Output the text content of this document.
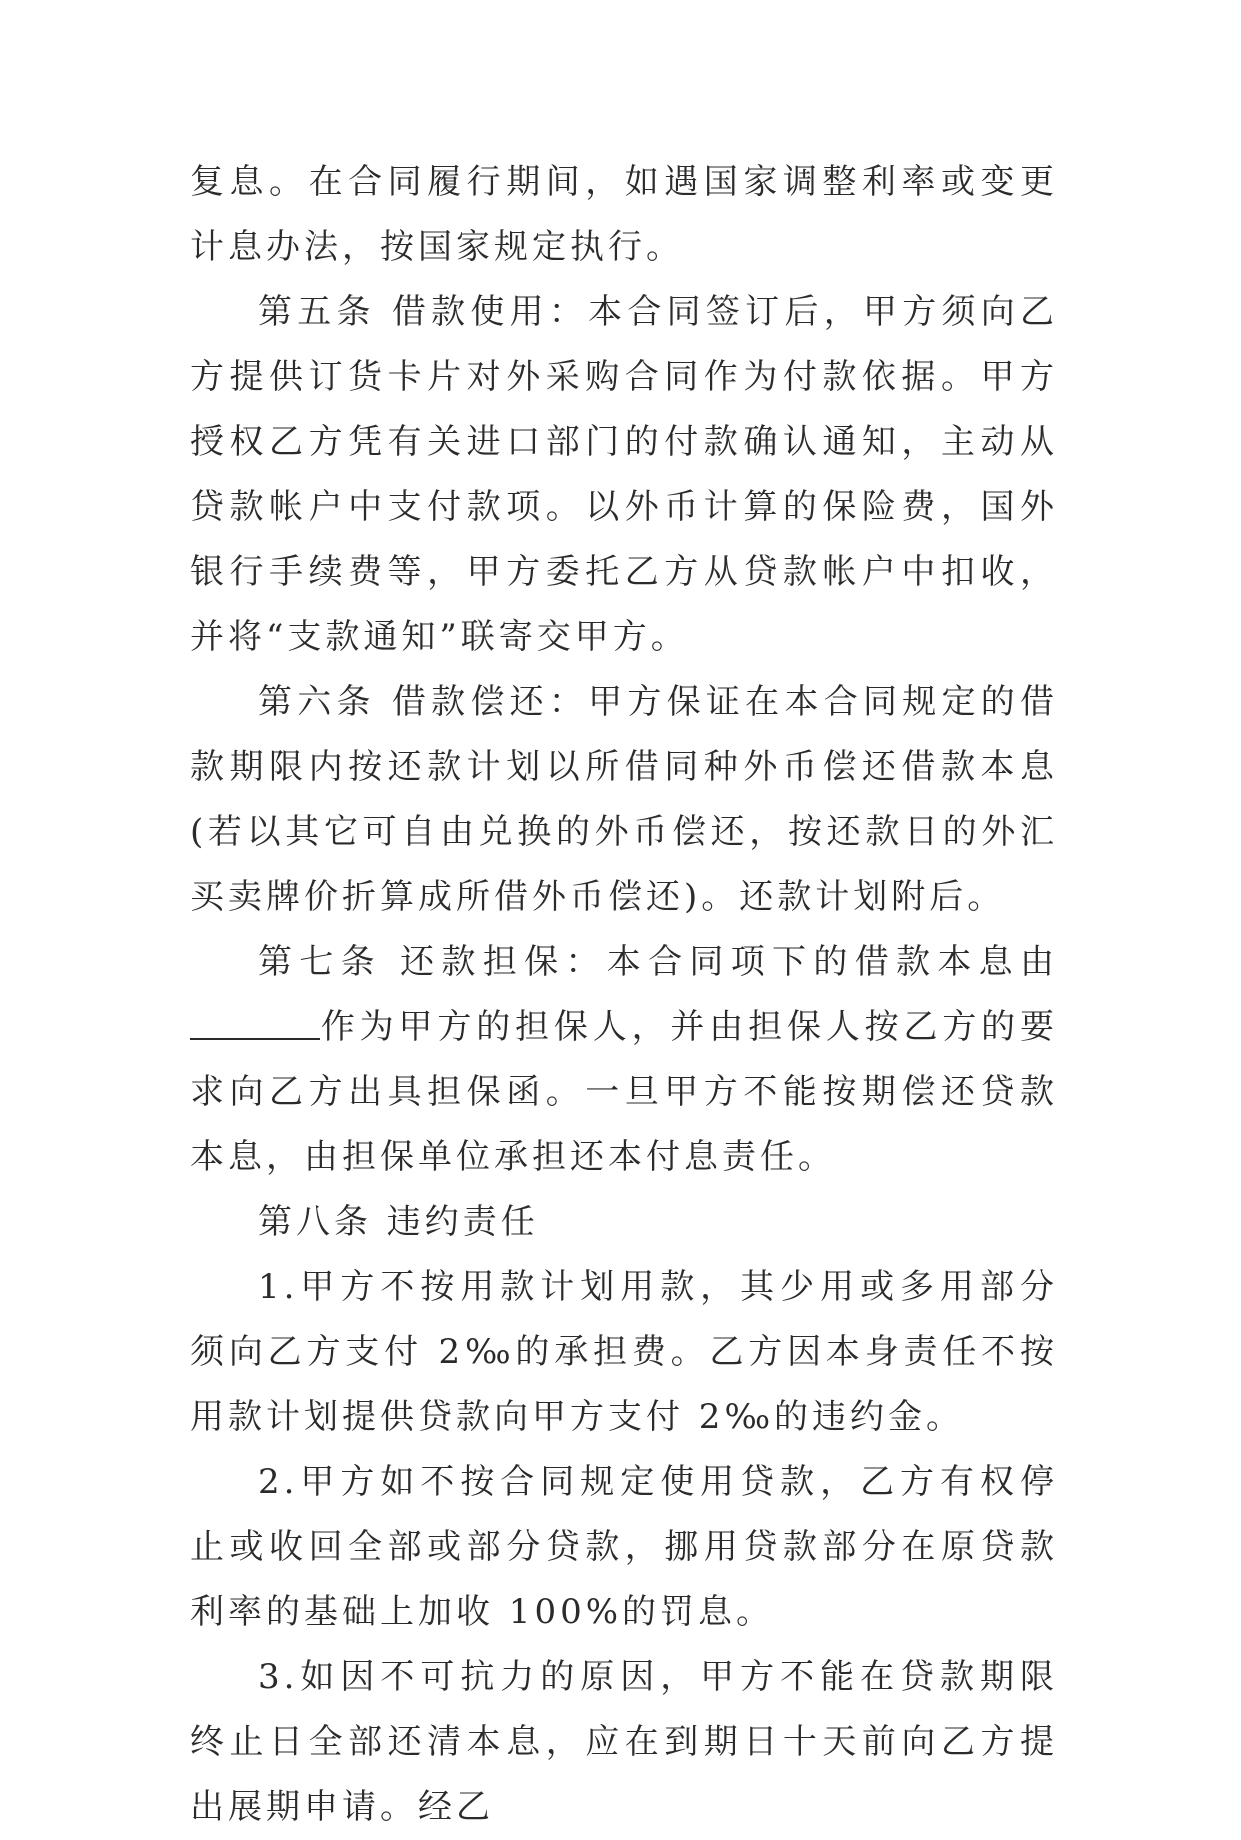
复息。在合同履行期间，如遇国家调整利率或变更计息办法，按国家规定执行。

第五条 借款使用：本合同签订后，甲方须向乙方提供订货卡片对外采购合同作为付款依据。甲方授权乙方凭有关进口部门的付款确认通知，主动从贷款帐户中支付款项。以外币计算的保险费，国外银行手续费等，甲方委托乙方从贷款帐户中扣收，并将“支款通知”联寄交甲方。

第六条 借款偿还：甲方保证在本合同规定的借款期限内按还款计划以所借同种外币偿还借款本息(若以其它可自由兑换的外币偿还，按还款日的外汇买卖牌价折算成所借外币偿还)。还款计划附后。

第七条 还款担保：本合同项下的借款本息由作为甲方的担保人，并由担保人按乙方的要求向乙方出具担保函。一旦甲方不能按期偿还贷款本息，由担保单位承担还本付息责任。

第八条 违约责任

1.甲方不按用款计划用款，其少用或多用部分须向乙方支付 2‰的承担费。乙方因本身责任不按用款计划提供贷款向甲方支付 2‰的违约金。

2.甲方如不按合同规定使用贷款，乙方有权停止或收回全部或部分贷款，挪用贷款部分在原贷款利率的基础上加收 100%的罚息。

3.如因不可抗力的原因，甲方不能在贷款期限终止日全部还清本息，应在到期日十天前向乙方提出展期申请。经乙
